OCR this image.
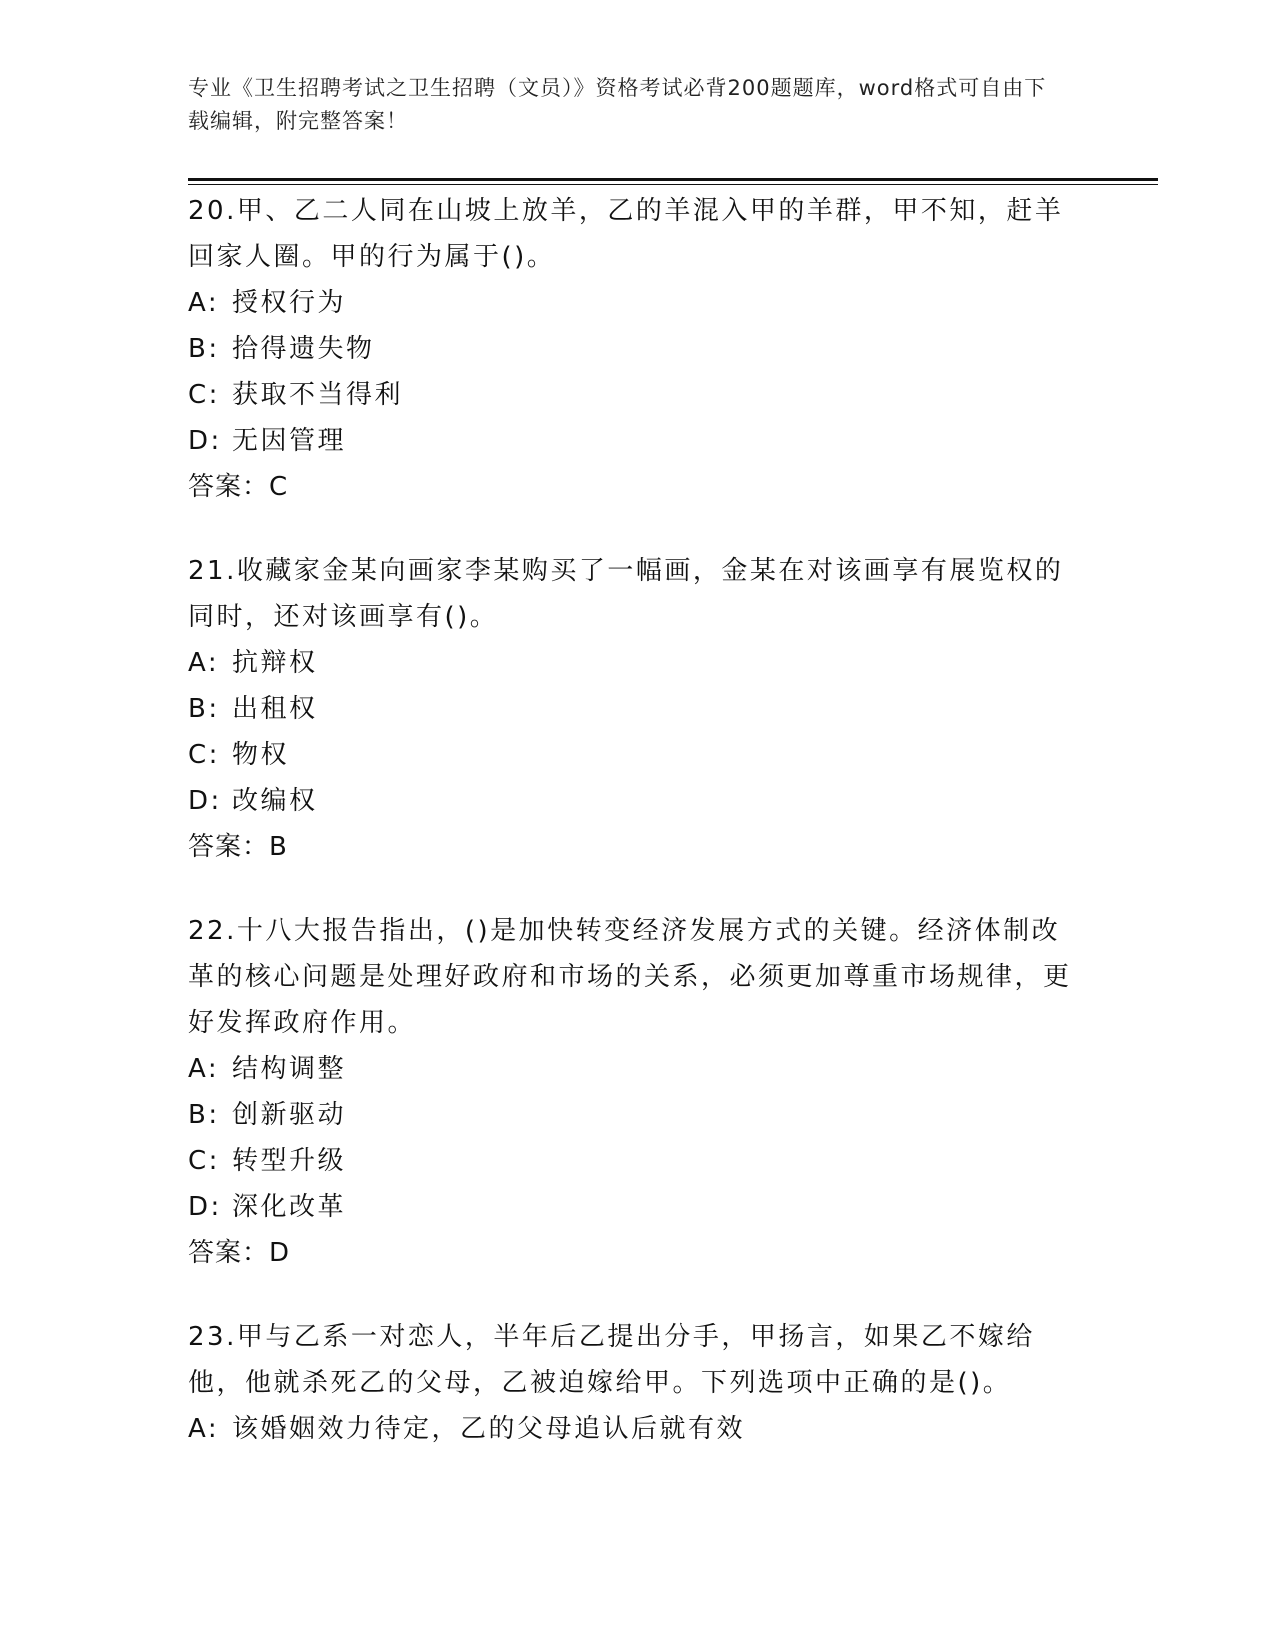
专业《卫生招聘考试之卫生招聘（文员）》资格考试必背200题题库，word格式可自由下载编辑，附完整答案！

20.甲、乙二人同在山坡上放羊，乙的羊混入甲的羊群，甲不知，赶羊回家人圈。甲的行为属于()。

A: 授权行为

B: 拾得遗失物

C: 获取不当得利

D: 无因管理

答案：C

21.收藏家金某向画家李某购买了一幅画，金某在对该画享有展览权的同时，还对该画享有()。

A: 抗辩权

B: 出租权

C: 物权

D: 改编权

答案：B

22.十八大报告指出，()是加快转变经济发展方式的关键。经济体制改革的核心问题是处理好政府和市场的关系，必须更加尊重市场规律，更好发挥政府作用。

A: 结构调整

B: 创新驱动

C: 转型升级

D: 深化改革

答案：D

23.甲与乙系一对恋人，半年后乙提出分手，甲扬言，如果乙不嫁给他，他就杀死乙的父母，乙被迫嫁给甲。下列选项中正确的是()。

A: 该婚姻效力待定，乙的父母追认后就有效
